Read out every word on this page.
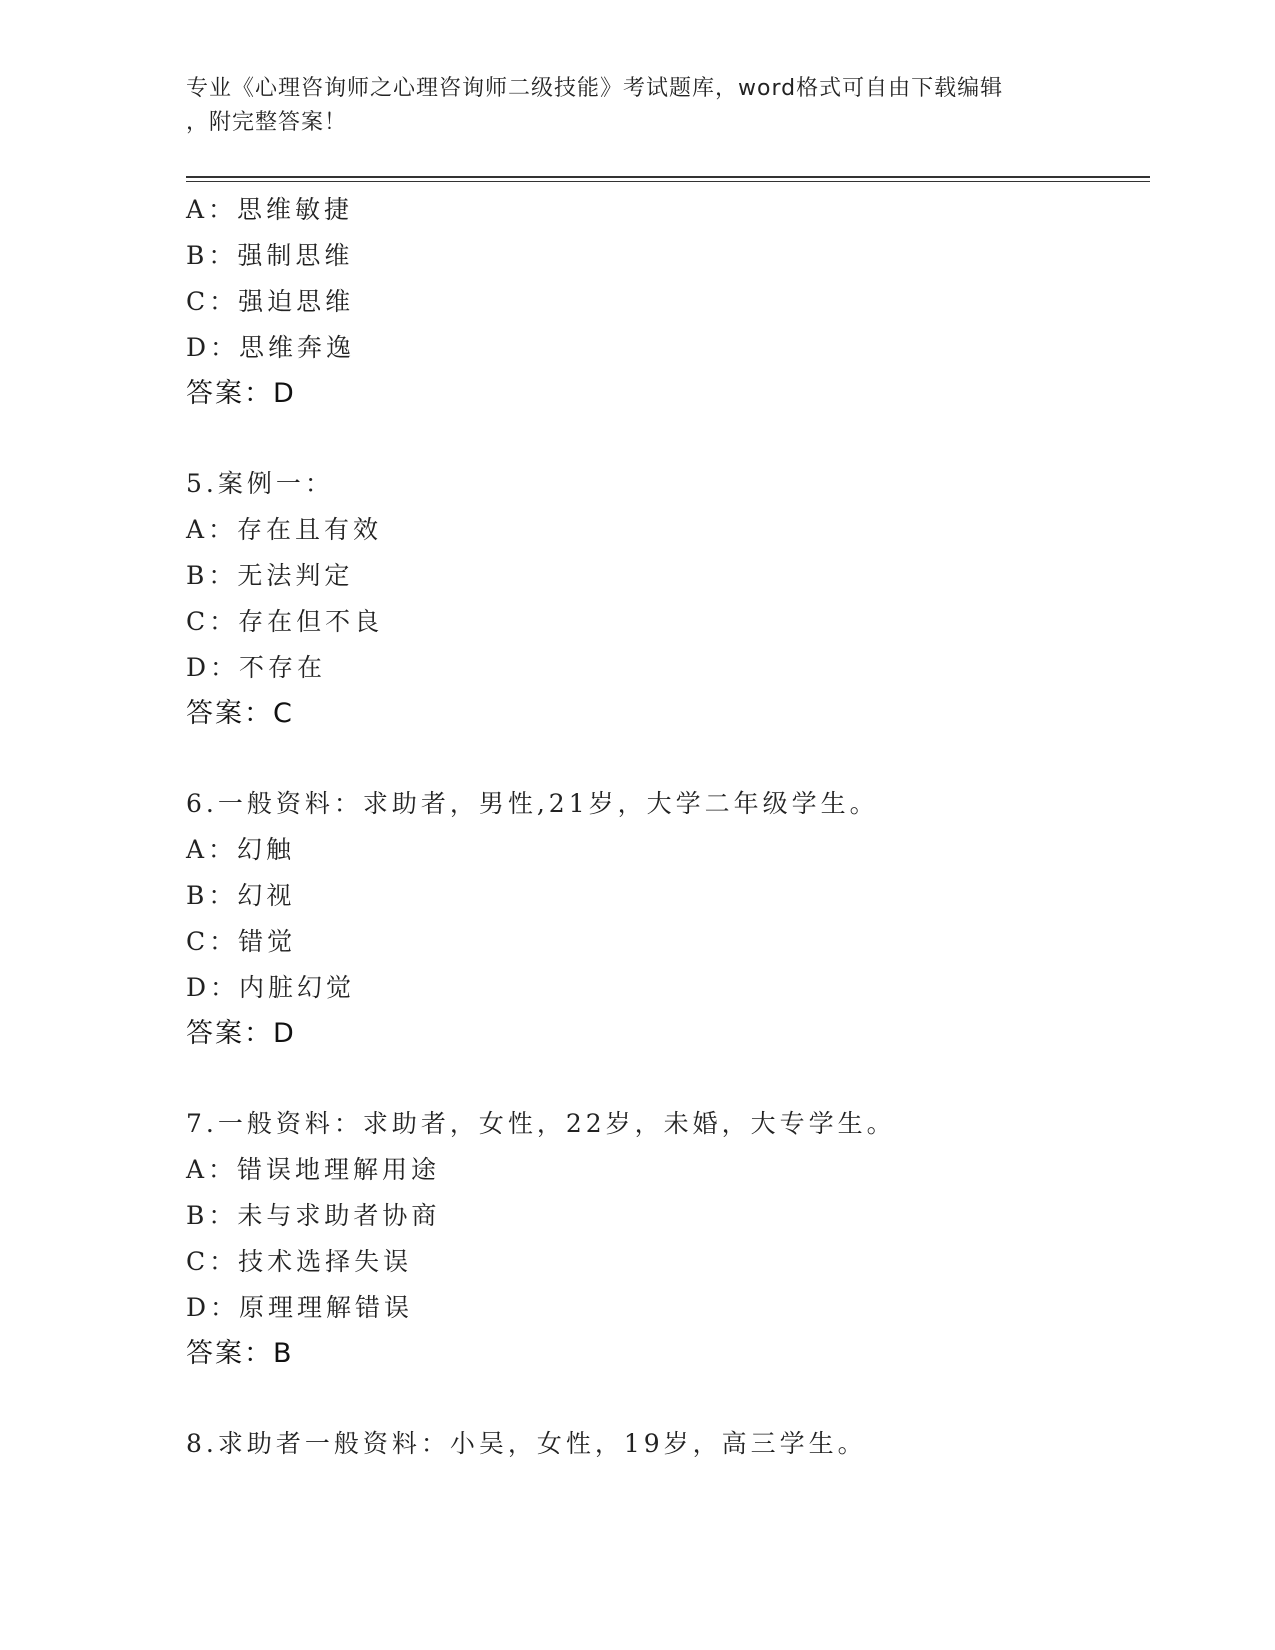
专业《心理咨询师之心理咨询师二级技能》考试题库，word格式可自由下载编辑
，附完整答案！
A：思维敏捷
B：强制思维
C：强迫思维
D：思维奔逸
答案：D
5.案例一：
A：存在且有效
B：无法判定
C：存在但不良
D：不存在
答案：C
6.一般资料：求助者，男性,21岁，大学二年级学生。
A：幻触
B：幻视
C：错觉
D：内脏幻觉
答案：D
7.一般资料：求助者，女性，22岁，未婚，大专学生。
A：错误地理解用途
B：未与求助者协商
C：技术选择失误
D：原理理解错误
答案：B
8.求助者一般资料：小吴，女性，19岁，高三学生。
